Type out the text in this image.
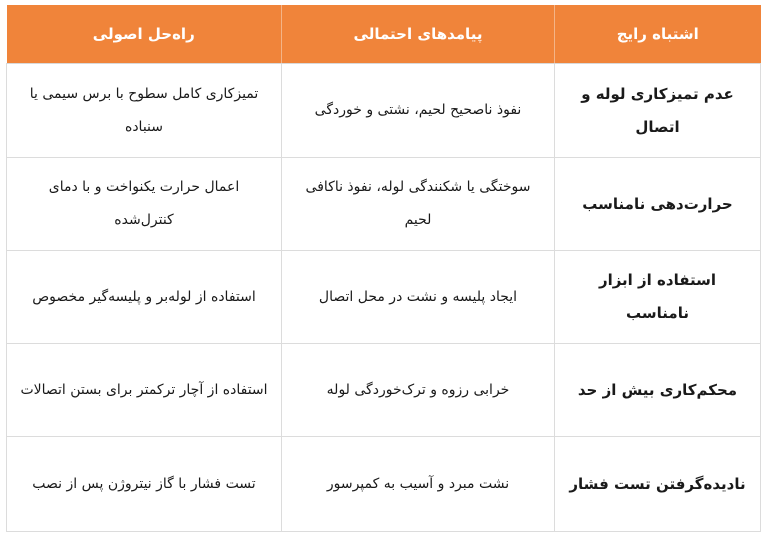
اشتباه رایج	پیامدهای احتمالی	راه‌حل اصولی
عدم تمیزکاری لوله و اتصال	نفوذ ناصحیح لحیم، نشتی و خوردگی	تمیزکاری کامل سطوح با برس سیمی یا سنباده
حرارت‌دهی نامناسب	سوختگی یا شکنندگی لوله، نفوذ ناکافی لحیم	اعمال حرارت یکنواخت و با دمای کنترل‌شده
استفاده از ابزار نامناسب	ایجاد پلیسه و نشت در محل اتصال	استفاده از لوله‌بر و پلیسه‌گیر مخصوص
محکم‌کاری بیش از حد	خرابی رزوه و ترک‌خوردگی لوله	استفاده از آچار ترکمتر برای بستن اتصالات
نادیده‌گرفتن تست فشار	نشت مبرد و آسیب به کمپرسور	تست فشار با گاز نیتروژن پس از نصب
